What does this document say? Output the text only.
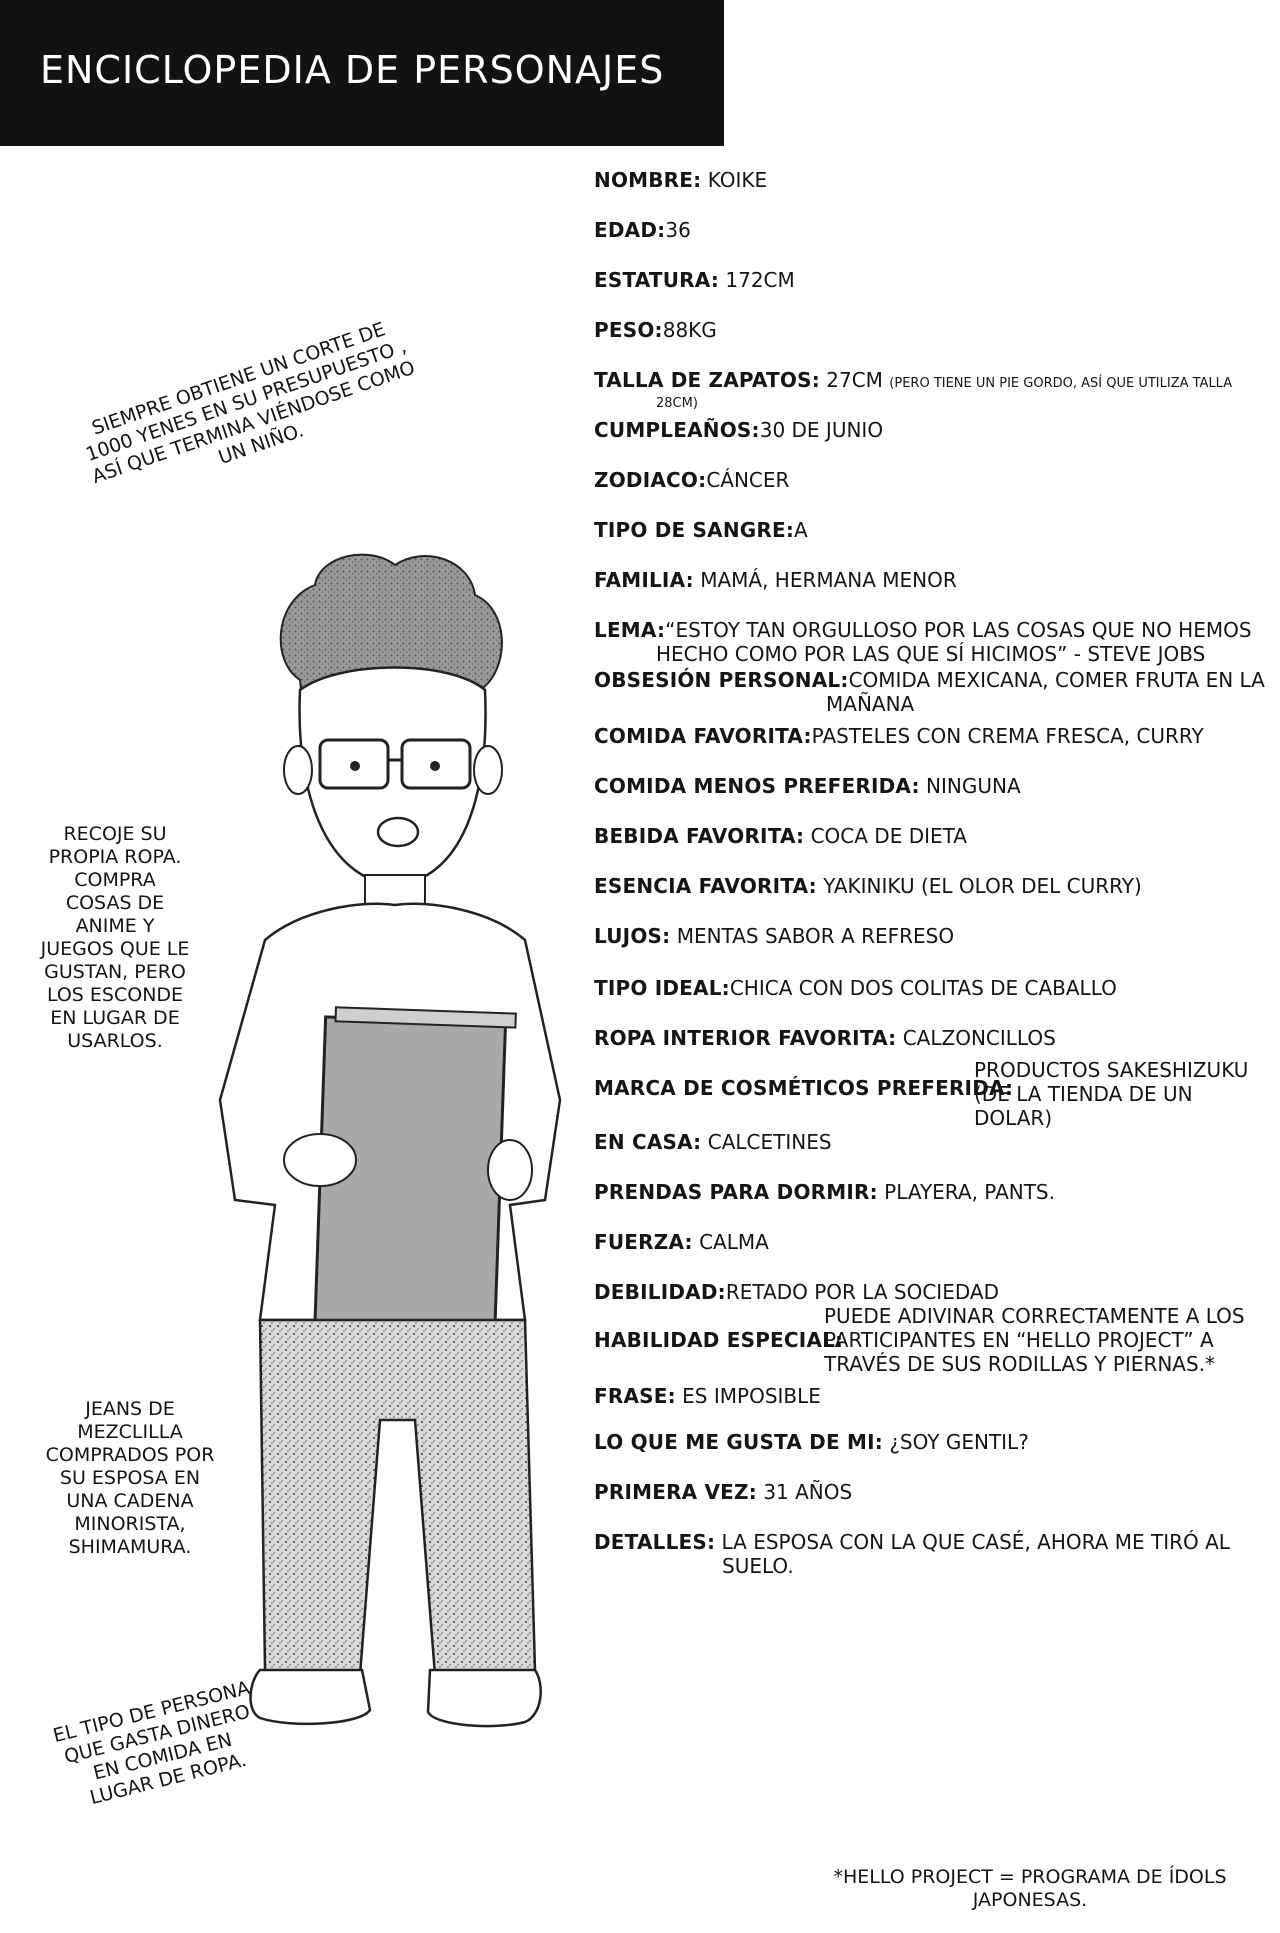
ENCICLOPEDIA DE PERSONAJES
NOMBRE: KOIKE
EDAD:36
ESTATURA: 172CM
PESO:88KG
TALLA DE ZAPATOS: 27CM (PERO TIENE UN PIE GORDO, ASÍ QUE UTILIZA TALLA
28CM)
CUMPLEAÑOS:30 DE JUNIO
ZODIACO:CÁNCER
TIPO DE SANGRE:A
FAMILIA: MAMÁ, HERMANA MENOR
LEMA:“ESTOY TAN ORGULLOSO POR LAS COSAS QUE NO HEMOS
HECHO COMO POR LAS QUE SÍ HICIMOS” - STEVE JOBS
OBSESIÓN PERSONAL:COMIDA MEXICANA, COMER FRUTA EN LA
MAÑANA
COMIDA FAVORITA:PASTELES CON CREMA FRESCA, CURRY
COMIDA MENOS PREFERIDA: NINGUNA
BEBIDA FAVORITA: COCA DE DIETA
ESENCIA FAVORITA: YAKINIKU (EL OLOR DEL CURRY)
LUJOS: MENTAS SABOR A REFRESO
TIPO IDEAL:CHICA CON DOS COLITAS DE CABALLO
ROPA INTERIOR FAVORITA: CALZONCILLOS
MARCA DE COSMÉTICOS PREFERIDA:
PRODUCTOS SAKESHIZUKU (DE LA TIENDA DE UN DOLAR)
EN CASA: CALCETINES
PRENDAS PARA DORMIR: PLAYERA, PANTS.
FUERZA: CALMA
DEBILIDAD:RETADO POR LA SOCIEDAD
HABILIDAD ESPECIAL:
PUEDE ADIVINAR CORRECTAMENTE A LOS PARTICIPANTES EN “HELLO PROJECT” A TRAVÉS DE SUS RODILLAS Y PIERNAS.*
FRASE: ES IMPOSIBLE
LO QUE ME GUSTA DE MI: ¿SOY GENTIL?
PRIMERA VEZ: 31 AÑOS
DETALLES: LA ESPOSA CON LA QUE CASÉ, AHORA ME TIRÓ AL
SUELO.
SIEMPRE OBTIENE UN CORTE DE 1000 YENES EN SU PRESUPUESTO , ASÍ QUE TERMINA VIÉNDOSE COMO UN NIÑO.
RECOJE SU PROPIA ROPA. COMPRA COSAS DE ANIME Y JUEGOS QUE LE GUSTAN, PERO LOS ESCONDE EN LUGAR DE USARLOS.
JEANS DE MEZCLILLA COMPRADOS POR SU ESPOSA EN UNA CADENA MINORISTA, SHIMAMURA.
EL TIPO DE PERSONA QUE GASTA DINERO EN COMIDA EN LUGAR DE ROPA.
*HELLO PROJECT = PROGRAMA DE ÍDOLS JAPONESAS.
